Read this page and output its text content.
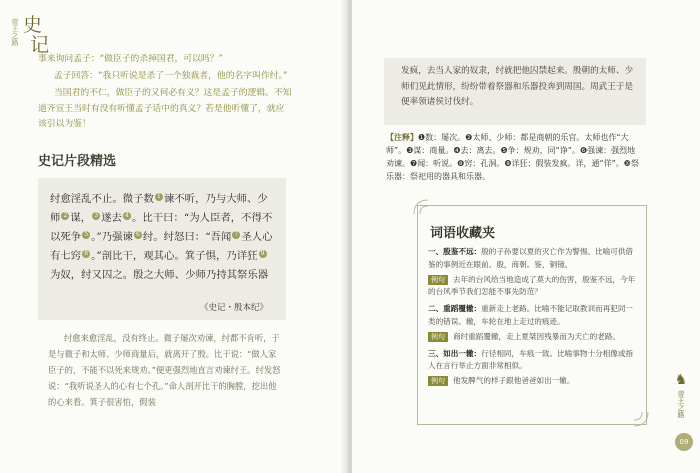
帝王之路 史
记
事来询问孟子：“做臣子的杀掉国君，可以吗？”
孟子回答：“我只听说是杀了一个独裁者，他的名字叫作纣。”
当国君的不仁，做臣子的又何必有义？这是孟子的逻辑。不知道齐宣王当时有没有听懂孟子话中的真义？若是他听懂了，就应该引以为鉴！
史记片段精选
纣愈淫乱不止。微子数 1 谏不听，乃与大师、少师 2 谋， 3 遂去 4 。比干曰：“为人臣者，不得不以死争 5 。”乃强谏 6 纣。纣怒曰：“吾闻 7 圣人心有七窍 8 。”剖比干，观其心。箕子惧，乃详狂 9为奴，纣又囚之。殷之大师、少师乃持其祭乐器
《史记・殷本纪》
纣愈来愈淫乱，没有终止。微子屡次劝谏，纣都不肯听，于是与微子和太师、少师商量后，就离开了殷。比干说：“做人家臣子的，不能不以死来规劝。”便更强烈地直言劝谏纣王。纣发怒说：“我听说圣人的心有七个孔。”命人剖开比干的胸膛，挖出他的心来看。箕子很害怕，假装
发疯，去当人家的奴隶，纣就把他囚禁起来。殷朝的太师、少师们见此情形，纷纷带着祭器和乐器投奔到周国。周武王于是便率领诸侯讨伐纣。
【注释】❶数：屡次。❷太师、少师：都是商朝的乐官。太师也作“大师”。❸谋：商量。❹去：离去。❺争：规劝，同“诤”。❻强谏：强烈地劝谏。❼闻：听说。❽窍：孔洞。❾详狂：假装发疯。详，通“佯”。❿祭乐器：祭祀用的器具和乐器。
词语收藏夹
一、殷鉴不远：殷的子孙要以夏的灭亡作为警惕。比喻可供借鉴的事例近在眼前。殷，商朝。鉴，铜镜。
例句 去年的台风给当地造成了莫大的伤害，殷鉴不远，今年的台风季节我们怎能不事先防范？
二、重蹈覆辙：重新走上老路。比喻不能记取教训而再犯同一类的错误。辙，车轮在地上走过的痕迹。
例句 商纣重蹈覆辙，走上夏桀因残暴而为天亡的老路。
三、如出一辙：行径相同，车痕一致。比喻事物十分相像或指人在言行举止方面非常相似。
例句 他发脾气的样子跟他爸爸如出一辙。	♞
帝王之路
09
